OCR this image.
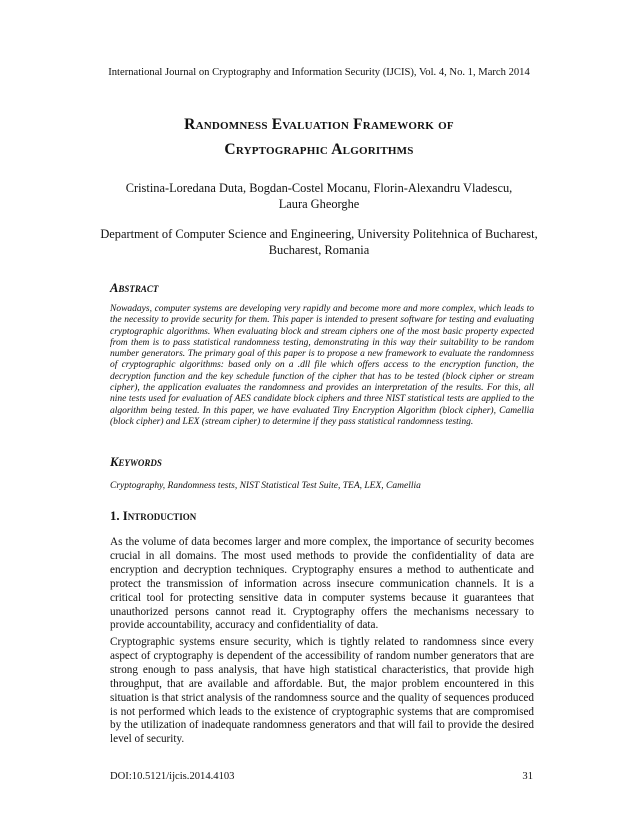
International Journal on Cryptography and Information Security (IJCIS), Vol. 4, No. 1, March 2014
Randomness Evaluation Framework of
Cryptographic Algorithms
Cristina-Loredana Duta, Bogdan-Costel Mocanu, Florin-Alexandru Vladescu,
Laura Gheorghe
Department of Computer Science and Engineering, University Politehnica of Bucharest,
Bucharest, Romania
Abstract
Nowadays, computer systems are developing very rapidly and become more and more complex, which leads to the necessity to provide security for them. This paper is intended to present software for testing and evaluating cryptographic algorithms. When evaluating block and stream ciphers one of the most basic property expected from them is to pass statistical randomness testing, demonstrating in this way their suitability to be random number generators. The primary goal of this paper is to propose a new framework to evaluate the randomness of cryptographic algorithms: based only on a .dll file which offers access to the encryption function, the decryption function and the key schedule function of the cipher that has to be tested (block cipher or stream cipher), the application evaluates the randomness and provides an interpretation of the results. For this, all nine tests used for evaluation of AES candidate block ciphers and three NIST statistical tests are applied to the algorithm being tested. In this paper, we have evaluated Tiny Encryption Algorithm (block cipher), Camellia (block cipher) and LEX (stream cipher) to determine if they pass statistical randomness testing.
Keywords
Cryptography, Randomness tests, NIST Statistical Test Suite, TEA, LEX, Camellia
1. Introduction
As the volume of data becomes larger and more complex, the importance of security becomes crucial in all domains. The most used methods to provide the confidentiality of data are encryption and decryption techniques. Cryptography ensures a method to authenticate and protect the transmission of information across insecure communication channels. It is a critical tool for protecting sensitive data in computer systems because it guarantees that unauthorized persons cannot read it. Cryptography offers the mechanisms necessary to provide accountability, accuracy and confidentiality of data.
Cryptographic systems ensure security, which is tightly related to randomness since every aspect of cryptography is dependent of the accessibility of random number generators that are strong enough to pass analysis, that have high statistical characteristics, that provide high throughput, that are available and affordable. But, the major problem encountered in this situation is that strict analysis of the randomness source and the quality of sequences produced is not performed which leads to the existence of cryptographic systems that are compromised by the utilization of inadequate randomness generators and that will fail to provide the desired level of security.
DOI:10.5121/ijcis.2014.4103	31
